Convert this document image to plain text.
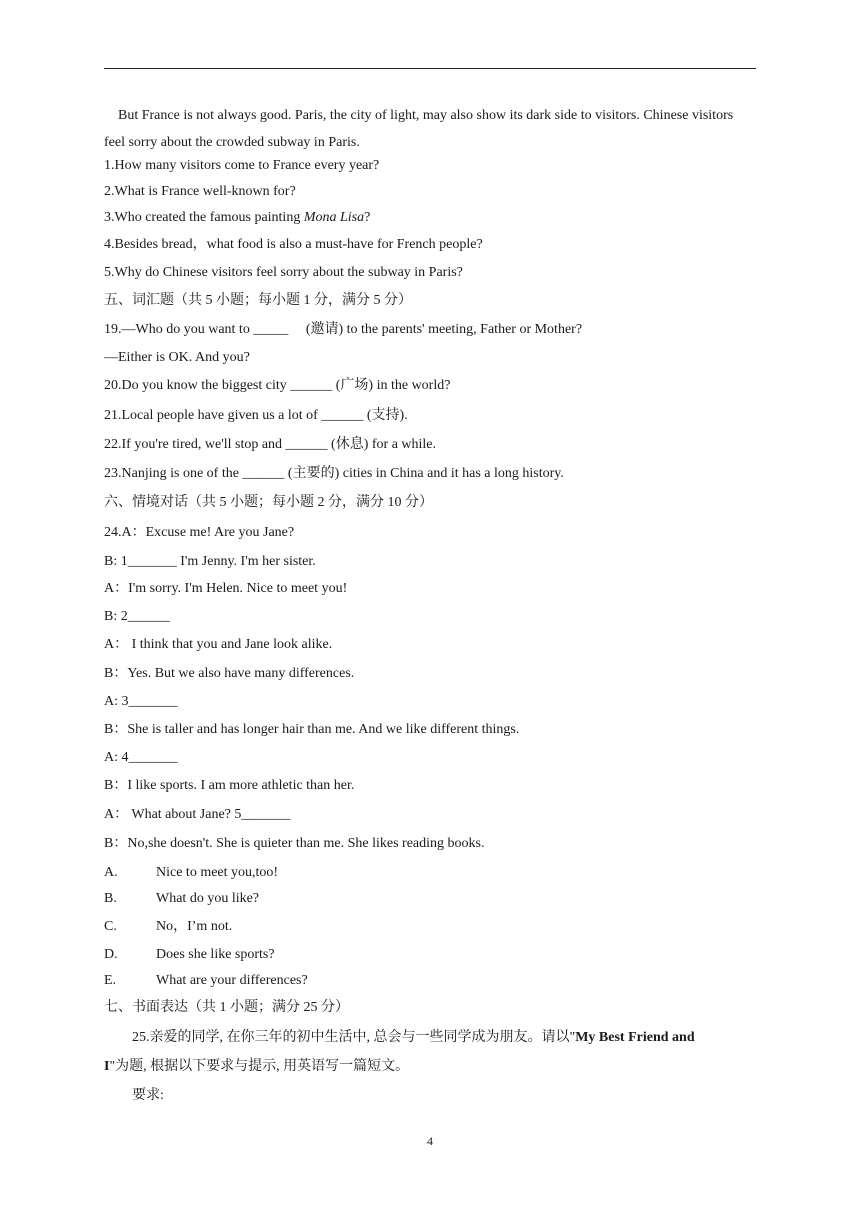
But France is not always good. Paris, the city of light, may also show its dark side to visitors. Chinese visitors feel sorry about the crowded subway in Paris.
1.How many visitors come to France every year?
2.What is France well-known for?
3.Who created the famous painting Mona Lisa?
4.Besides bread，what food is also a must-have for French people?
5.Why do Chinese visitors feel sorry about the subway in Paris?
五、词汇题（共 5 小题；每小题 1 分，满分 5 分）
19.—Who do you want to _____　 (邀请) to the parents' meeting, Father or Mother?
—Either is OK. And you?
20.Do you know the biggest city ______ (广场) in the world?
21.Local people have given us a lot of ______ (支持).
22.If you're tired, we'll stop and ______ (休息) for a while.
23.Nanjing is one of the ______ (主要的) cities in China and it has a long history.
六、情境对话（共 5 小题；每小题 2 分，满分 10 分）
24.A：Excuse me! Are you Jane?
B: 1_______ I'm Jenny. I'm her sister.
A：I'm sorry. I'm Helen. Nice to meet you!
B: 2______
A： I think that you and Jane look alike.
B：Yes. But we also have many differences.
A: 3_______
B：She is taller and has longer hair than me. And we like different things.
A: 4_______
B：I like sports. I am more athletic than her.
A： What about Jane? 5_______
B：No,she doesn't. She is quieter than me. She likes reading books.
A.	Nice to meet you,too!
B.	What do you like?
C.	No，I’m not.
D.	Does she like sports?
E.	What are your differences?
七、书面表达（共 1 小题；满分 25 分）
25.亲爱的同学, 在你三年的初中生活中, 总会与一些同学成为朋友。请以"My Best Friend and
I"为题, 根据以下要求与提示, 用英语写一篇短文。
要求:
4
